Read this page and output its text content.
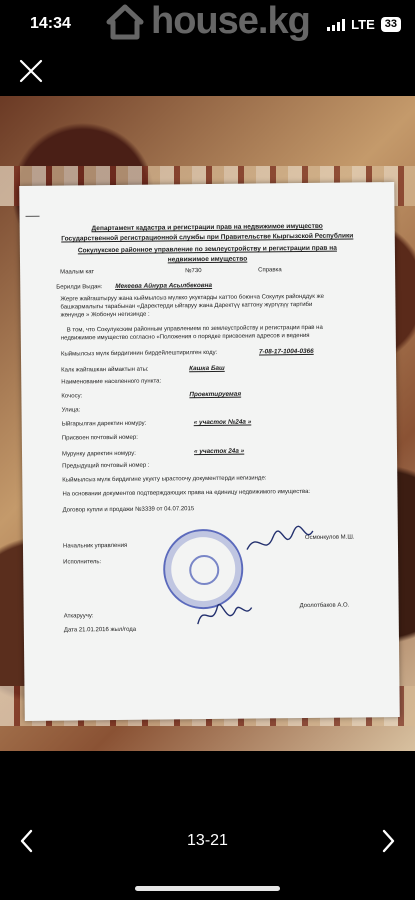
14:34	LTE 33
house.kg
Департамент кадастра и регистрации прав на недвижимое имущество
Государственной регистрационной службы при Правительстве Кыргызской Республики
Сокулукское районное управление по землеустройству и регистрации прав на
недвижимое имущество
Маалым кат	№730	Справка
Берилди Выдан: Мекеева Айнура Асылбековна
Жерге жайгаштыруу жана кыймылсыз мүлкко укуктарды каттоо боюнча Сокулук районддук же
башкармалыгы тарабынан «Даректерди ыйгаруу жана Даректүү каттону жүргүзүү тартиби
жөнүндө » Жобонун негизинде :
В том, что Сокулукским районным управлением по землеустройству и регистрации прав на
недвижимое имущество согласно «Положения о порядке присвоения адресов и ведения
Кыймылсыз мүлк бирдигинин бирдейлештирилген коду:	7-08-17-1004-0366
Калк жайгашкан аймактын аты:	Кашка Баш
Наименование населенного пункта:
Кочосу:	Проектируемая
Улица:
Ыйгарылган даректин номуру:	« участок №24а »
Присвоен почтовый номер:
Мурунку даректин номуру:	« участок 24а »
Предыдущий почтовый номер :
Кыймылсыз мүлк бирдигине укукту ырастоочу документтерди негизинде:
На основании документов подтверждающих права на единицу недвижимого имущества:
Договор купли и продажи №3339 от 04.07.2015
Начальник управления
Осмонкулов М.Ш.
Исполнитель:
Аткаруучу:
Доолотбаков А.О.
Дата 21.01.2016 жыл/года
13-21
